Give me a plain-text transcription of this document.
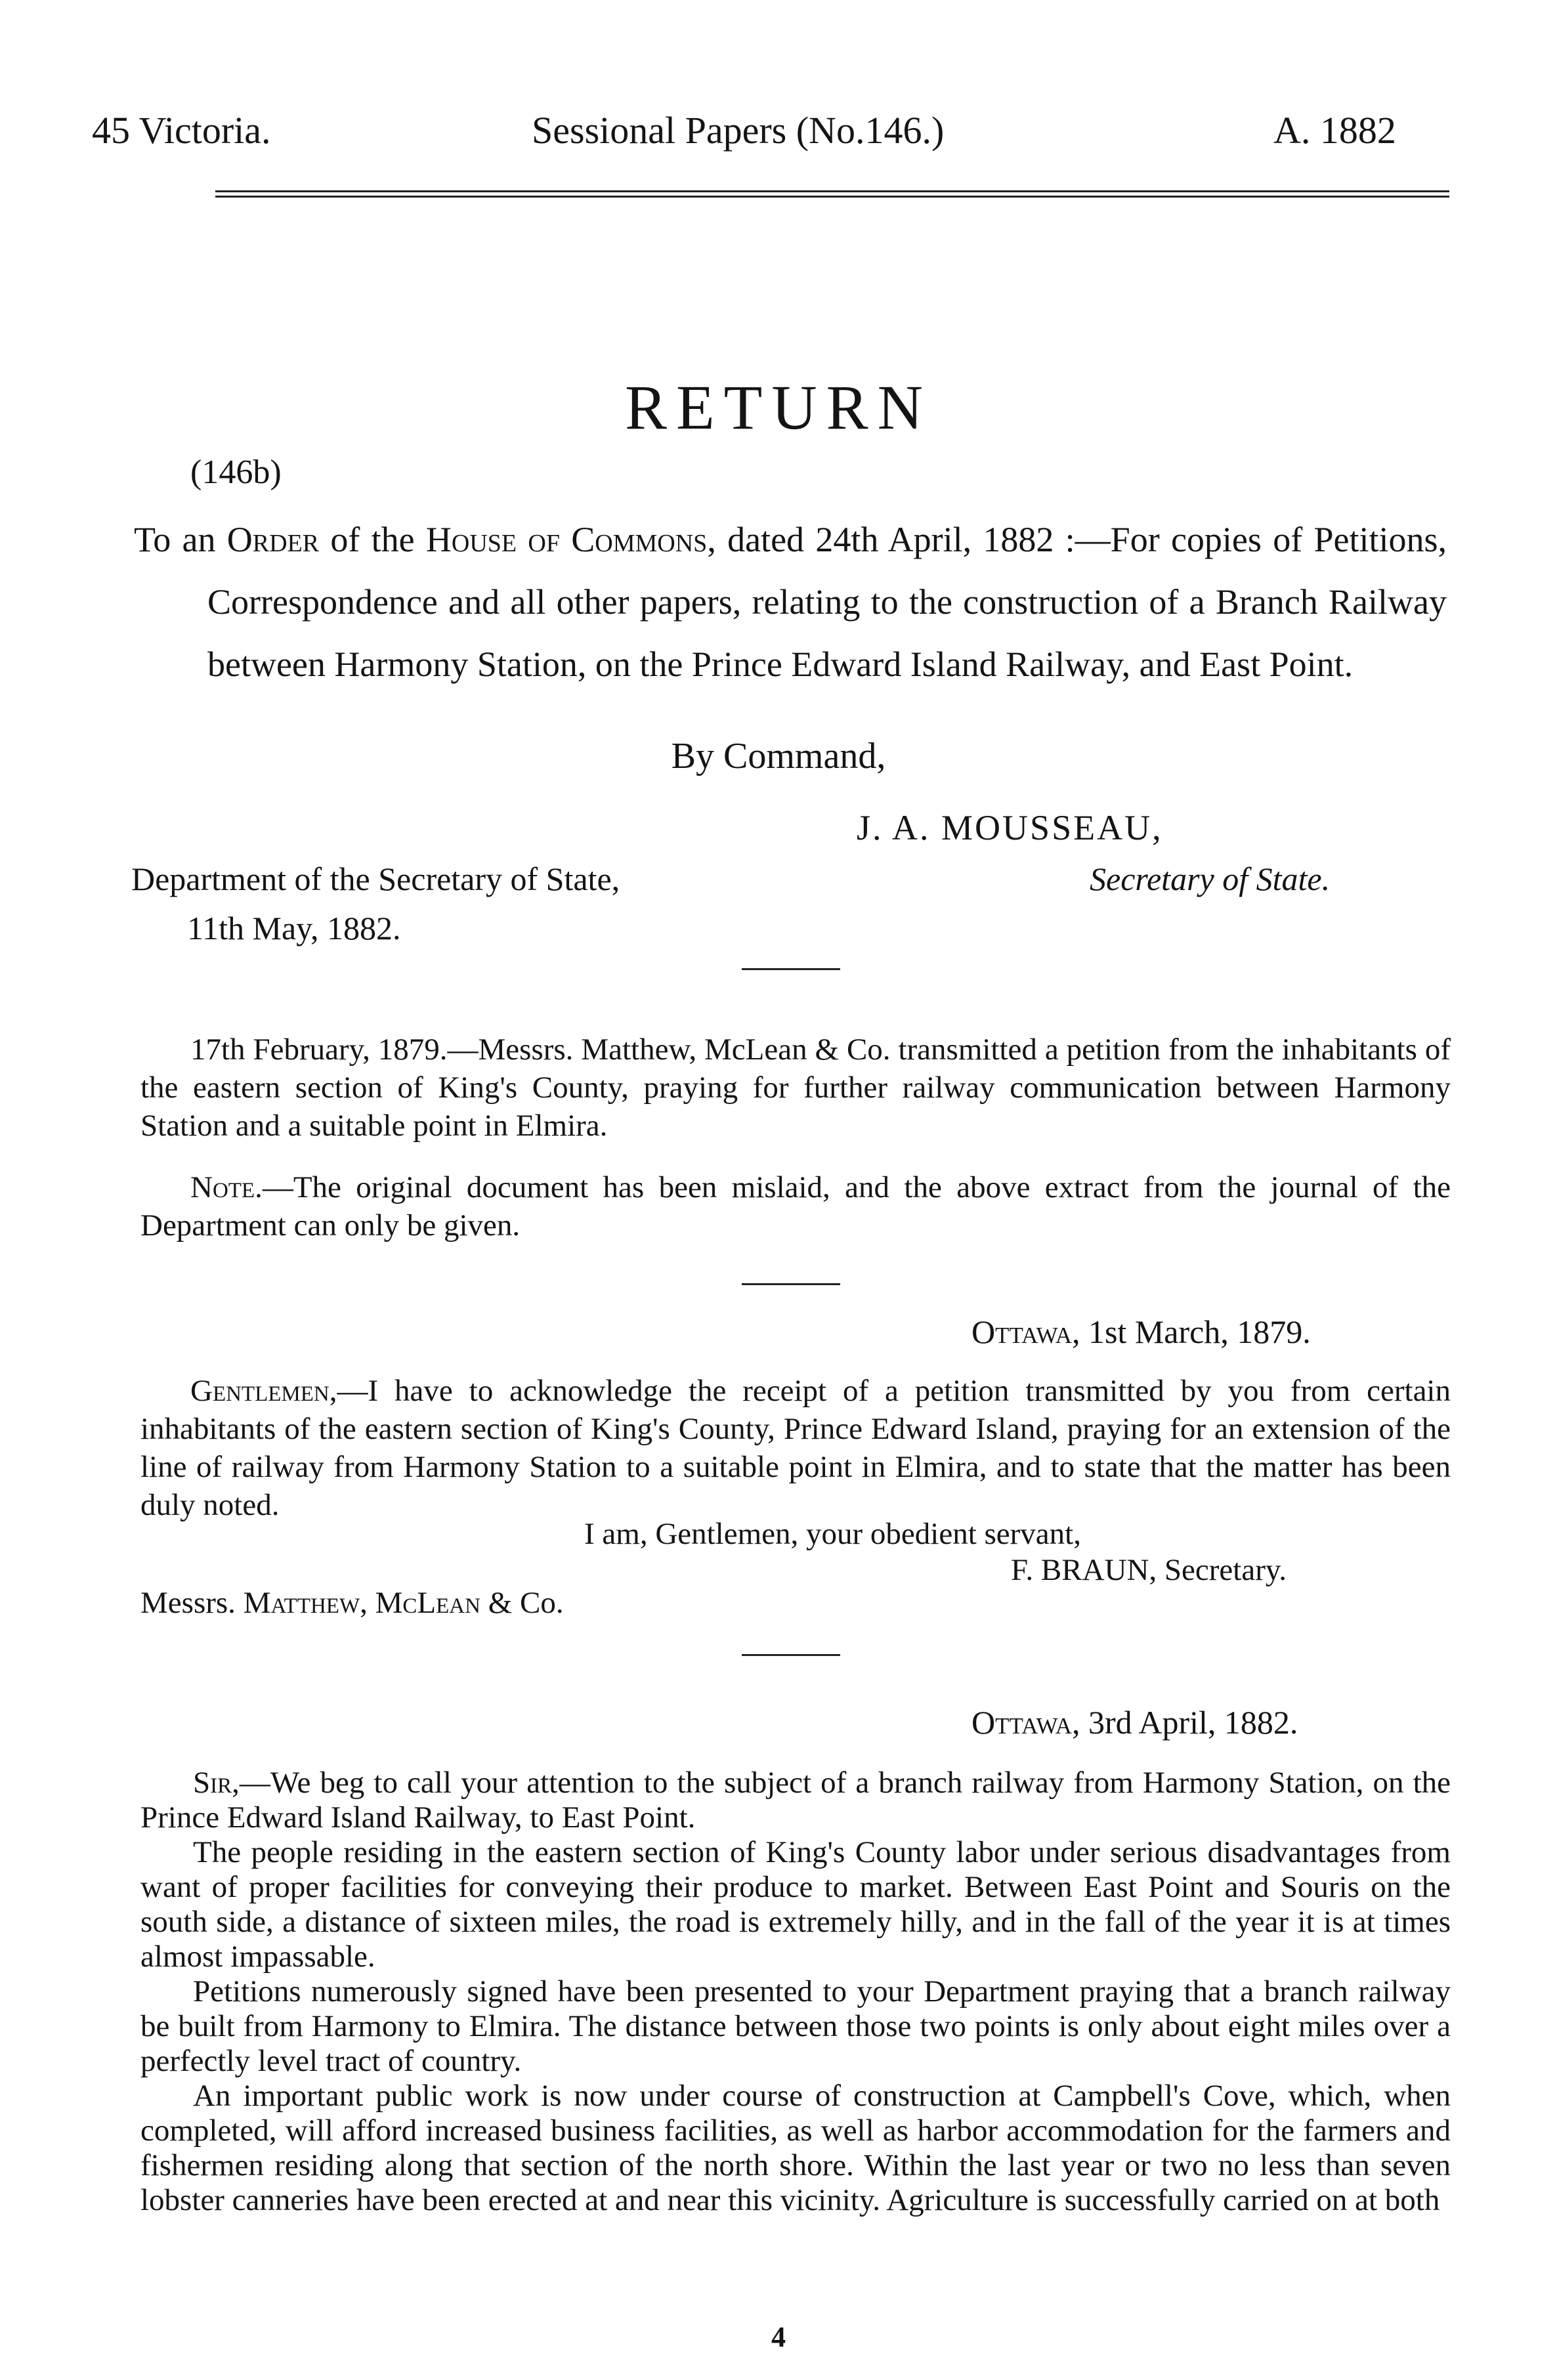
45 Victoria.	Sessional Papers (No.146.)	A. 1882
RETURN
(146b)

To an Order of the House of Commons, dated 24th April, 1882 :—For copies of Petitions, Correspondence and all other papers, relating to the construction of a Branch Railway between Harmony Station, on the Prince Edward Island Railway, and East Point.

By Command,
J. A. MOUSSEAU,
Secretary of State.
Department of the Secretary of State,
11th May, 1882.

17th February, 1879.—Messrs. Matthew, McLean & Co. transmitted a petition from the inhabitants of the eastern section of King's County, praying for further railway communication between Harmony Station and a suitable point in Elmira.

Note.—The original document has been mislaid, and the above extract from the journal of the Department can only be given.

Ottawa, 1st March, 1879.

Gentlemen,—I have to acknowledge the receipt of a petition transmitted by you from certain inhabitants of the eastern section of King's County, Prince Edward Island, praying for an extension of the line of railway from Harmony Station to a suitable point in Elmira, and to state that the matter has been duly noted.

I am, Gentlemen, your obedient servant,
F. BRAUN, Secretary.
Messrs. Matthew, McLean & Co.
Ottawa, 3rd April, 1882.

Sir,—We beg to call your attention to the subject of a branch railway from Harmony Station, on the Prince Edward Island Railway, to East Point.

The people residing in the eastern section of King's County labor under serious disadvantages from want of proper facilities for conveying their produce to market. Between East Point and Souris on the south side, a distance of sixteen miles, the road is extremely hilly, and in the fall of the year it is at times almost impassable.

Petitions numerously signed have been presented to your Department praying that a branch railway be built from Harmony to Elmira. The distance between those two points is only about eight miles over a perfectly level tract of country.

An important public work is now under course of construction at Campbell's Cove, which, when completed, will afford increased business facilities, as well as harbor accommodation for the farmers and fishermen residing along that section of the north shore. Within the last year or two no less than seven lobster canneries have been erected at and near this vicinity. Agriculture is successfully carried on at both

4
